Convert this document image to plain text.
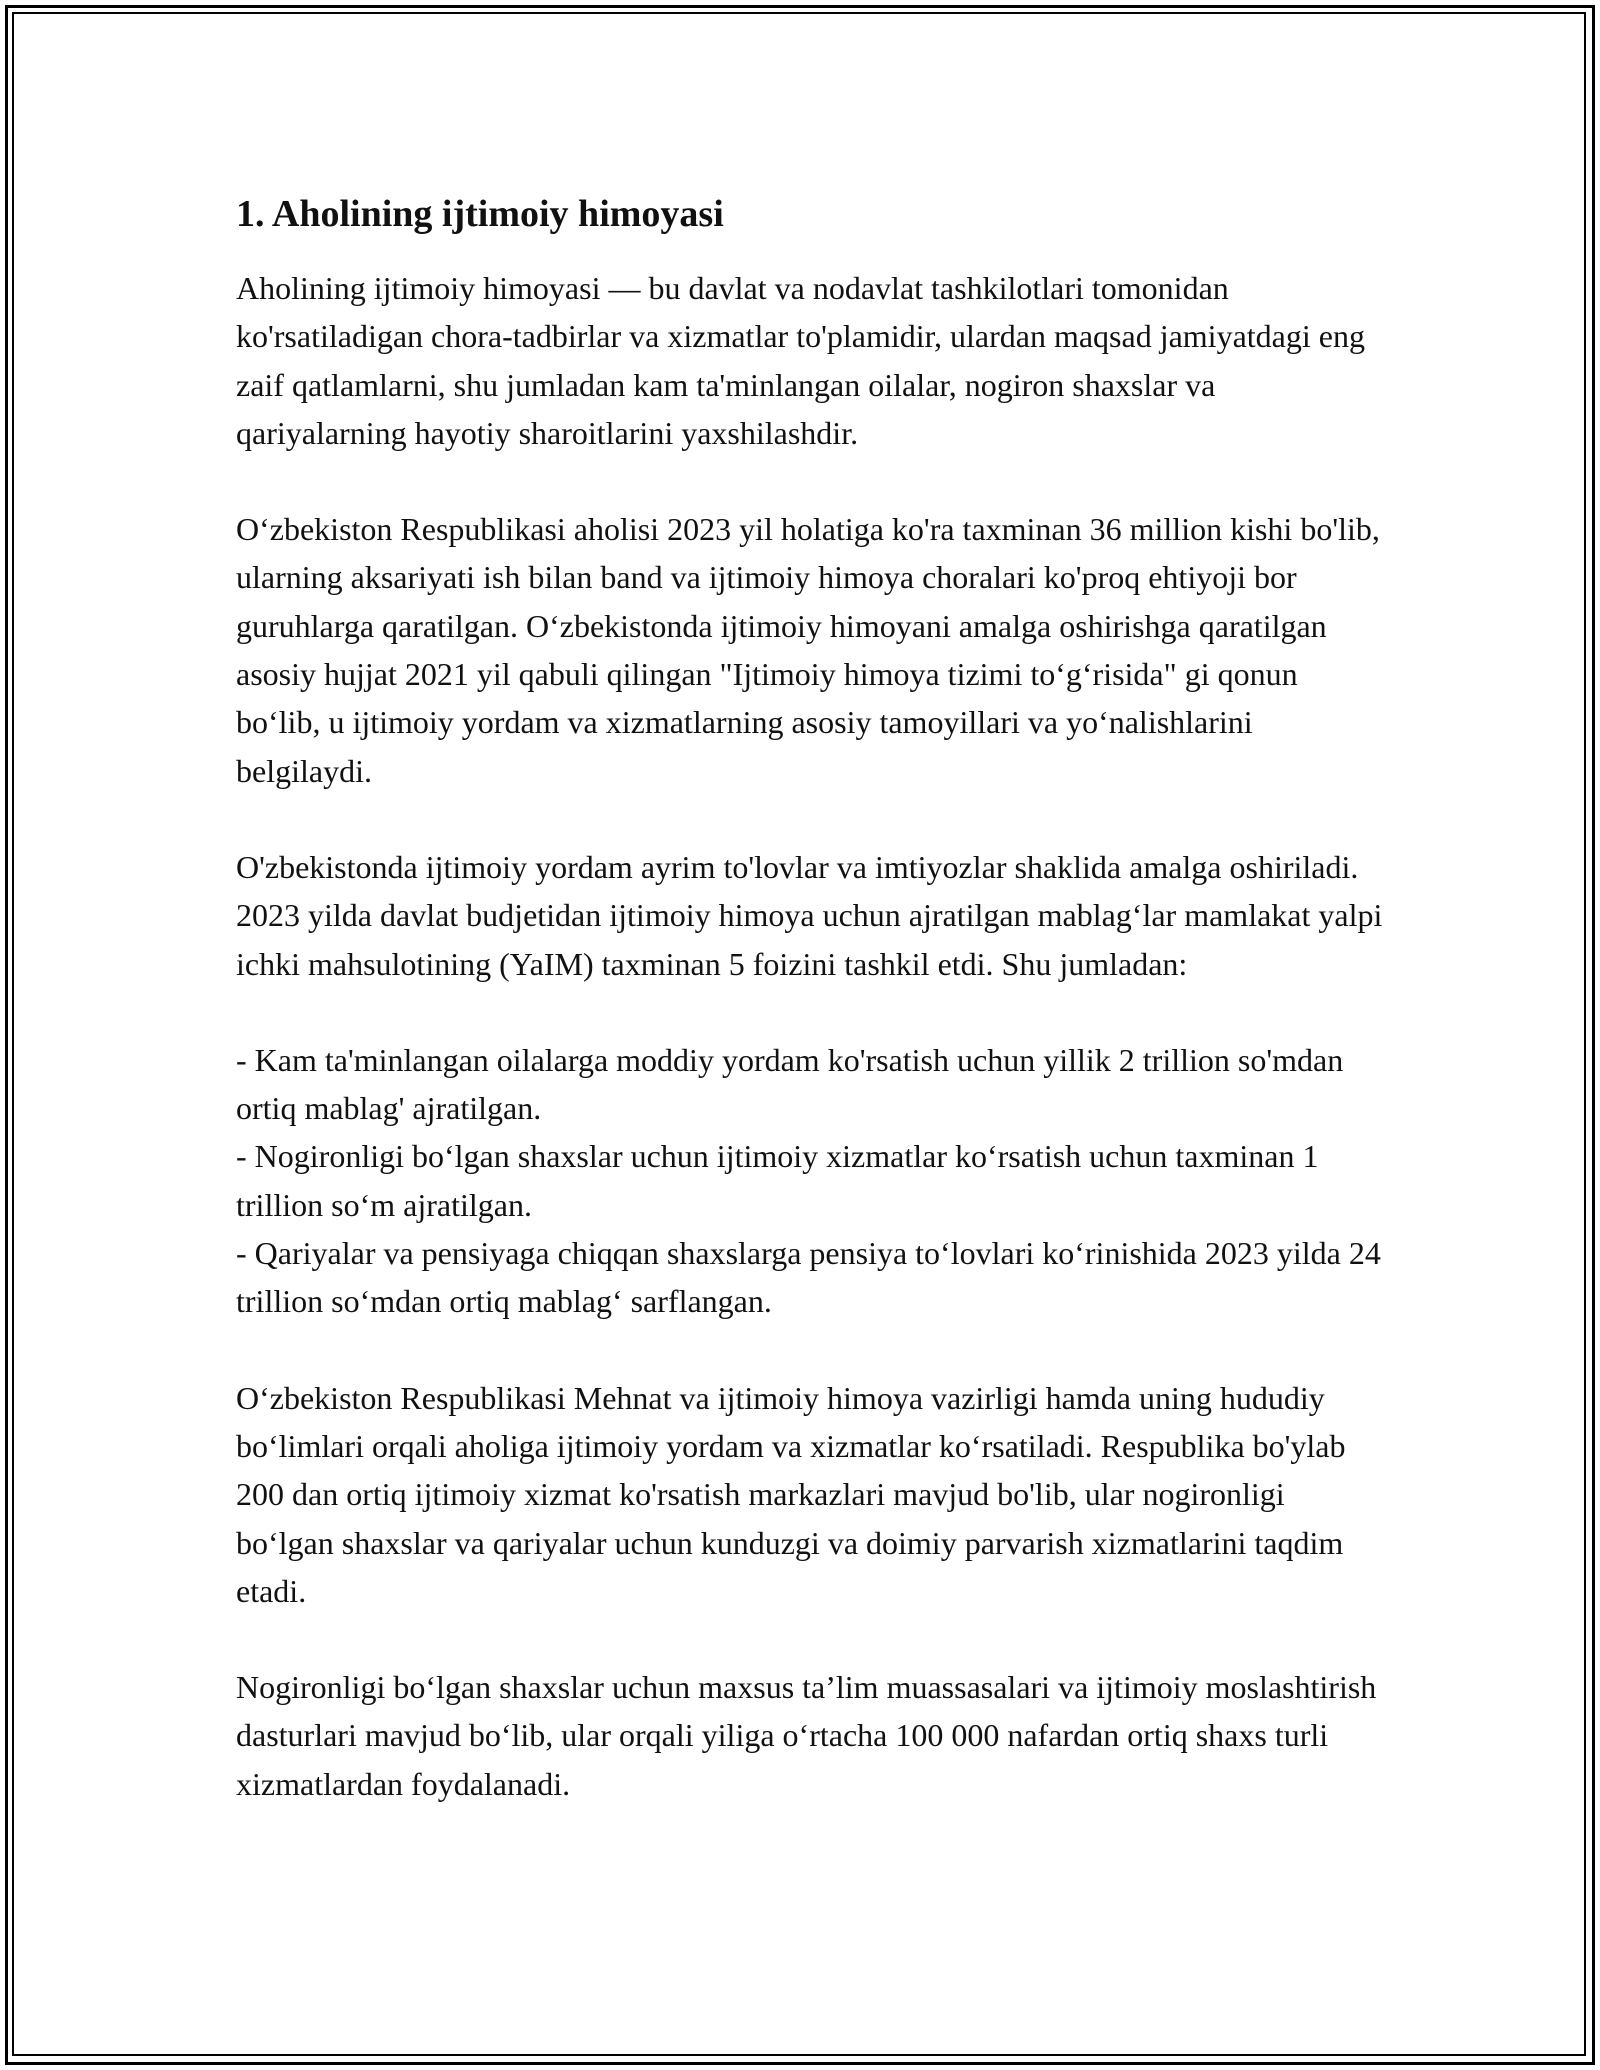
1. Aholining ijtimoiy himoyasi

Aholining ijtimoiy himoyasi — bu davlat va nodavlat tashkilotlari tomonidan ko'rsatiladigan chora-tadbirlar va xizmatlar to'plamidir, ulardan maqsad jamiyatdagi eng zaif qatlamlarni, shu jumladan kam ta'minlangan oilalar, nogiron shaxslar va qariyalarning hayotiy sharoitlarini yaxshilashdir.

O‘zbekiston Respublikasi aholisi 2023 yil holatiga ko'ra taxminan 36 million kishi bo'lib, ularning aksariyati ish bilan band va ijtimoiy himoya choralari ko'proq ehtiyoji bor guruhlarga qaratilgan. O‘zbekistonda ijtimoiy himoyani amalga oshirishga qaratilgan asosiy hujjat 2021 yil qabuli qilingan "Ijtimoiy himoya tizimi to‘g‘risida" gi qonun bo‘lib, u ijtimoiy yordam va xizmatlarning asosiy tamoyillari va yo‘nalishlarini belgilaydi.

O'zbekistonda ijtimoiy yordam ayrim to'lovlar va imtiyozlar shaklida amalga oshiriladi. 2023 yilda davlat budjetidan ijtimoiy himoya uchun ajratilgan mablag‘lar mamlakat yalpi ichki mahsulotining (YaIM) taxminan 5 foizini tashkil etdi. Shu jumladan:

- Kam ta'minlangan oilalarga moddiy yordam ko'rsatish uchun yillik 2 trillion so'mdan ortiq mablag' ajratilgan.
- Nogironligi bo‘lgan shaxslar uchun ijtimoiy xizmatlar ko‘rsatish uchun taxminan 1 trillion so‘m ajratilgan.
- Qariyalar va pensiyaga chiqqan shaxslarga pensiya to‘lovlari ko‘rinishida 2023 yilda 24 trillion so‘mdan ortiq mablag‘ sarflangan.

O‘zbekiston Respublikasi Mehnat va ijtimoiy himoya vazirligi hamda uning hududiy bo‘limlari orqali aholiga ijtimoiy yordam va xizmatlar ko‘rsatiladi. Respublika bo'ylab 200 dan ortiq ijtimoiy xizmat ko'rsatish markazlari mavjud bo'lib, ular nogironligi bo‘lgan shaxslar va qariyalar uchun kunduzgi va doimiy parvarish xizmatlarini taqdim etadi.

Nogironligi bo‘lgan shaxslar uchun maxsus ta’lim muassasalari va ijtimoiy moslashtirish dasturlari mavjud bo‘lib, ular orqali yiliga o‘rtacha 100 000 nafardan ortiq shaxs turli xizmatlardan foydalanadi.
